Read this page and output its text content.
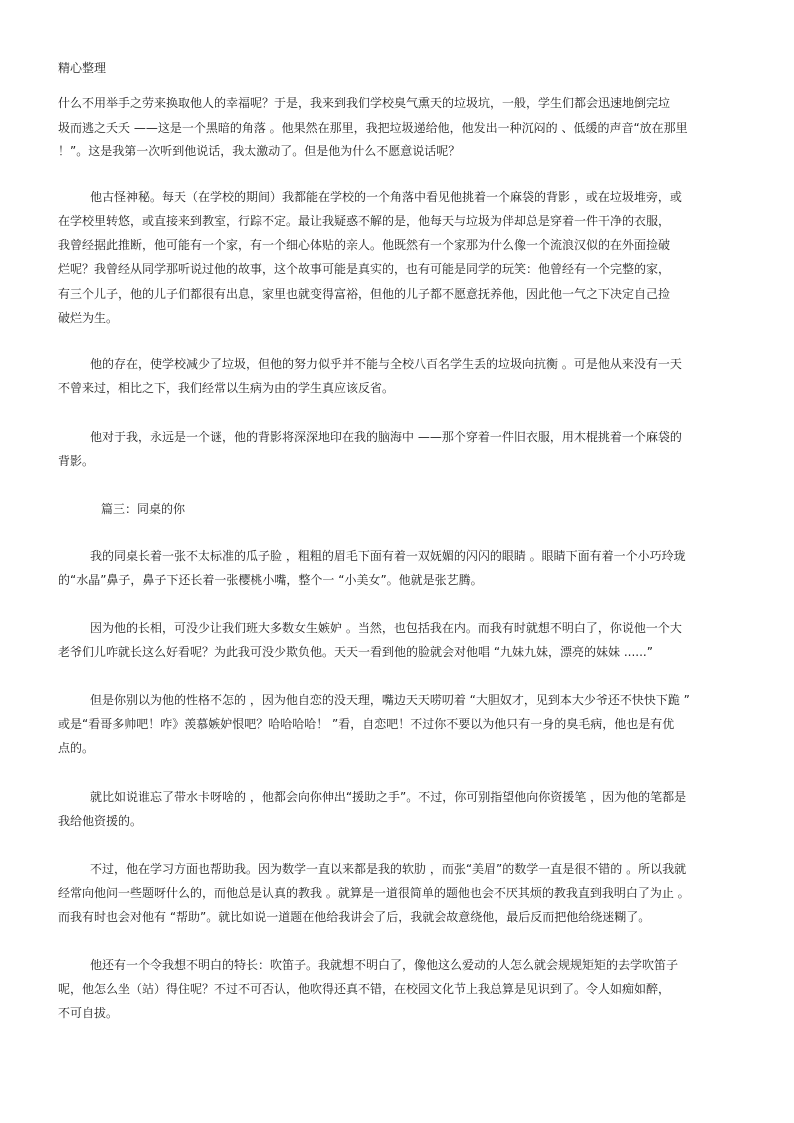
精心整理

什么不用举手之劳来换取他人的幸福呢？于是，我来到我们学校臭气熏天的垃圾坑，一般，学生们都会迅速地倒完垃

圾而逃之夭夭 ——这是一个黑暗的角落 。他果然在那里，我把垃圾递给他，他发出一种沉闷的 、低缓的声音“放在那里

！”。这是我第一次听到他说话，我太激动了。但是他为什么不愿意说话呢？

他古怪神秘。每天（在学校的期间）我都能在学校的一个角落中看见他挑着一个麻袋的背影 ，或在垃圾堆旁，或

在学校里转悠，或直接来到教室，行踪不定。最让我疑惑不解的是，他每天与垃圾为伴却总是穿着一件干净的衣服，

我曾经据此推断，他可能有一个家，有一个细心体贴的亲人。他既然有一个家那为什么像一个流浪汉似的在外面捡破

烂呢？我曾经从同学那听说过他的故事，这个故事可能是真实的，也有可能是同学的玩笑：他曾经有一个完整的家，

有三个儿子，他的儿子们都很有出息，家里也就变得富裕，但他的儿子都不愿意抚养他，因此他一气之下决定自己捡

破烂为生。

他的存在，使学校减少了垃圾，但他的努力似乎并不能与全校八百名学生丢的垃圾向抗衡 。可是他从来没有一天

不曾来过，相比之下，我们经常以生病为由的学生真应该反省。

他对于我，永远是一个谜，他的背影将深深地印在我的脑海中 ——那个穿着一件旧衣服，用木棍挑着一个麻袋的

背影。

篇三：同桌的你

我的同桌长着一张不太标准的瓜子脸 ，粗粗的眉毛下面有着一双妩媚的闪闪的眼睛 。眼睛下面有着一个小巧玲珑

的“水晶”鼻子，鼻子下还长着一张樱桃小嘴，整个一 “小美女”。他就是张艺腾。

因为他的长相，可没少让我们班大多数女生嫉妒 。当然，也包括我在内。而我有时就想不明白了，你说他一个大

老爷们儿咋就长这么好看呢？为此我可没少欺负他。天天一看到他的脸就会对他唱 “九妹九妹，漂亮的妹妹 ......”

但是你别以为他的性格不怎的 ，因为他自恋的没天理，嘴边天天唠叨着 “大胆奴才，见到本大少爷还不快快下跪 ”

或是“看哥多帅吧！咋》羡慕嫉妒恨吧？哈哈哈哈！ ”看，自恋吧！不过你不要以为他只有一身的臭毛病，他也是有优

点的。

就比如说谁忘了带水卡呀啥的 ，他都会向你伸出“援助之手”。不过，你可别指望他向你资援笔 ，因为他的笔都是

我给他资援的。

不过，他在学习方面也帮助我。因为数学一直以来都是我的软肋 ，而张“美眉”的数学一直是很不错的 。所以我就

经常向他问一些题呀什么的，而他总是认真的教我 。就算是一道很简单的题他也会不厌其烦的教我直到我明白了为止 。

而我有时也会对他有 “帮助”。就比如说一道题在他给我讲会了后，我就会故意绕他，最后反而把他给绕迷糊了。

他还有一个令我想不明白的特长：吹笛子。我就想不明白了，像他这么爱动的人怎么就会规规矩矩的去学吹笛子

呢，他怎么坐（站）得住呢？不过不可否认，他吹得还真不错，在校园文化节上我总算是见识到了。令人如痴如醉，

不可自拔。
